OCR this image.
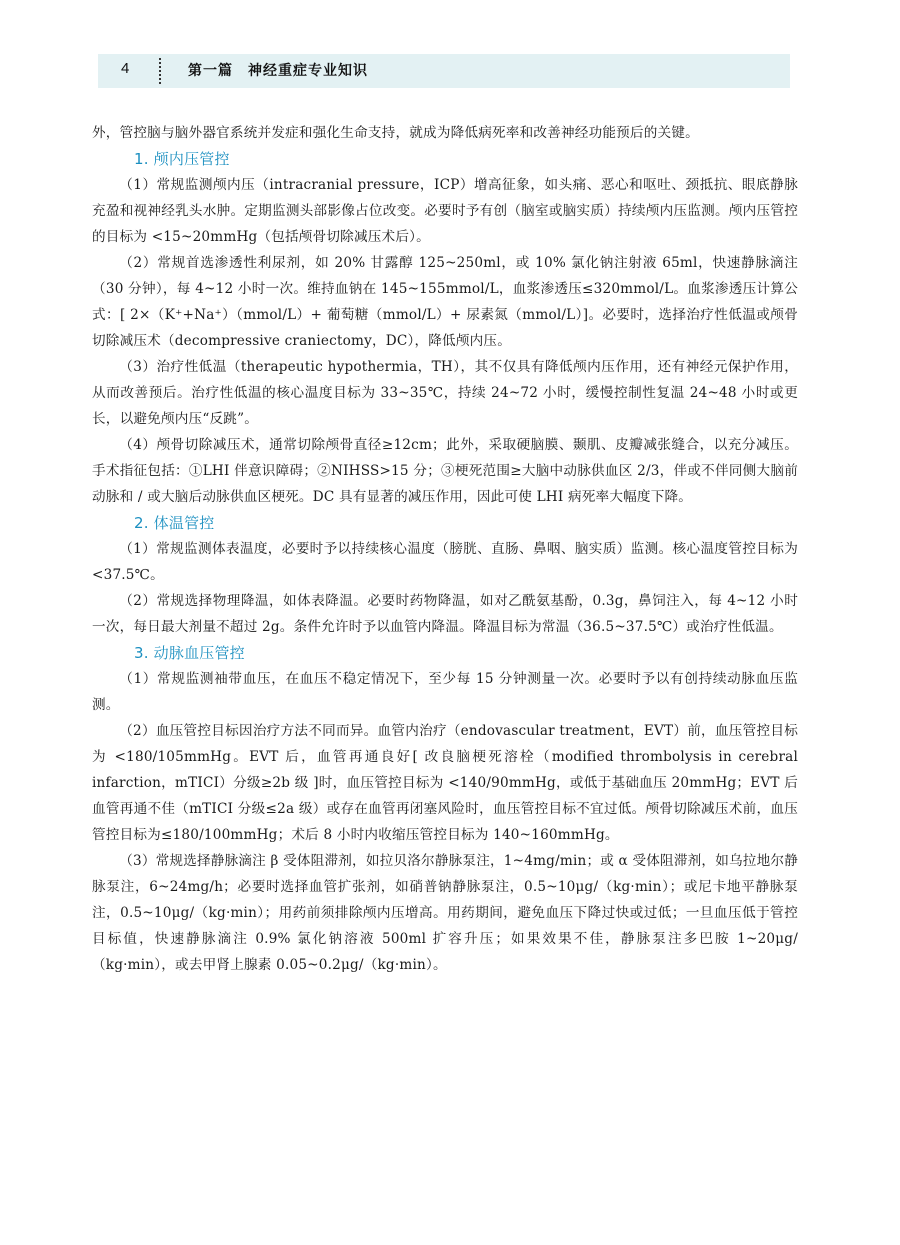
4	第一篇　神经重症专业知识

外，管控脑与脑外器官系统并发症和强化生命支持，就成为降低病死率和改善神经功能预后的关键。

1. 颅内压管控

（1）常规监测颅内压（intracranial pressure，ICP）增高征象，如头痛、恶心和呕吐、颈抵抗、眼底静脉充盈和视神经乳头水肿。定期监测头部影像占位改变。必要时予有创（脑室或脑实质）持续颅内压监测。颅内压管控的目标为 <15~20mmHg（包括颅骨切除减压术后）。

（2）常规首选渗透性利尿剂，如 20% 甘露醇 125~250ml，或 10% 氯化钠注射液 65ml，快速静脉滴注（30 分钟），每 4~12 小时一次。维持血钠在 145~155mmol/L，血浆渗透压≤320mmol/L。血浆渗透压计算公式：[ 2×（K⁺+Na⁺）（mmol/L）+ 葡萄糖（mmol/L）+ 尿素氮（mmol/L）]。必要时，选择治疗性低温或颅骨切除减压术（decompressive craniectomy，DC），降低颅内压。

（3）治疗性低温（therapeutic hypothermia，TH），其不仅具有降低颅内压作用，还有神经元保护作用，从而改善预后。治疗性低温的核心温度目标为 33~35℃，持续 24~72 小时，缓慢控制性复温 24~48 小时或更长，以避免颅内压“反跳”。

（4）颅骨切除减压术，通常切除颅骨直径≥12cm；此外，采取硬脑膜、颞肌、皮瓣减张缝合，以充分减压。手术指征包括：①LHI 伴意识障碍；②NIHSS>15 分；③梗死范围≥大脑中动脉供血区 2/3，伴或不伴同侧大脑前动脉和 / 或大脑后动脉供血区梗死。DC 具有显著的减压作用，因此可使 LHI 病死率大幅度下降。

2. 体温管控

（1）常规监测体表温度，必要时予以持续核心温度（膀胱、直肠、鼻咽、脑实质）监测。核心温度管控目标为 <37.5℃。

（2）常规选择物理降温，如体表降温。必要时药物降温，如对乙酰氨基酚，0.3g，鼻饲注入，每 4~12 小时一次，每日最大剂量不超过 2g。条件允许时予以血管内降温。降温目标为常温（36.5~37.5℃）或治疗性低温。

3. 动脉血压管控

（1）常规监测袖带血压，在血压不稳定情况下，至少每 15 分钟测量一次。必要时予以有创持续动脉血压监测。

（2）血压管控目标因治疗方法不同而异。血管内治疗（endovascular treatment，EVT）前，血压管控目标为 <180/105mmHg。EVT 后，血管再通良好[ 改良脑梗死溶栓（modified thrombolysis in cerebral infarction，mTICI）分级≥2b 级 ]时，血压管控目标为 <140/90mmHg，或低于基础血压 20mmHg；EVT 后血管再通不佳（mTICI 分级≤2a 级）或存在血管再闭塞风险时，血压管控目标不宜过低。颅骨切除减压术前，血压管控目标为≤180/100mmHg；术后 8 小时内收缩压管控目标为 140~160mmHg。

（3）常规选择静脉滴注 β 受体阻滞剂，如拉贝洛尔静脉泵注，1~4mg/min；或 α 受体阻滞剂，如乌拉地尔静脉泵注，6~24mg/h；必要时选择血管扩张剂，如硝普钠静脉泵注，0.5~10μg/（kg·min）；或尼卡地平静脉泵注，0.5~10μg/（kg·min）；用药前须排除颅内压增高。用药期间，避免血压下降过快或过低；一旦血压低于管控目标值，快速静脉滴注 0.9% 氯化钠溶液 500ml 扩容升压；如果效果不佳，静脉泵注多巴胺 1~20μg/（kg·min），或去甲肾上腺素 0.05~0.2μg/（kg·min）。
